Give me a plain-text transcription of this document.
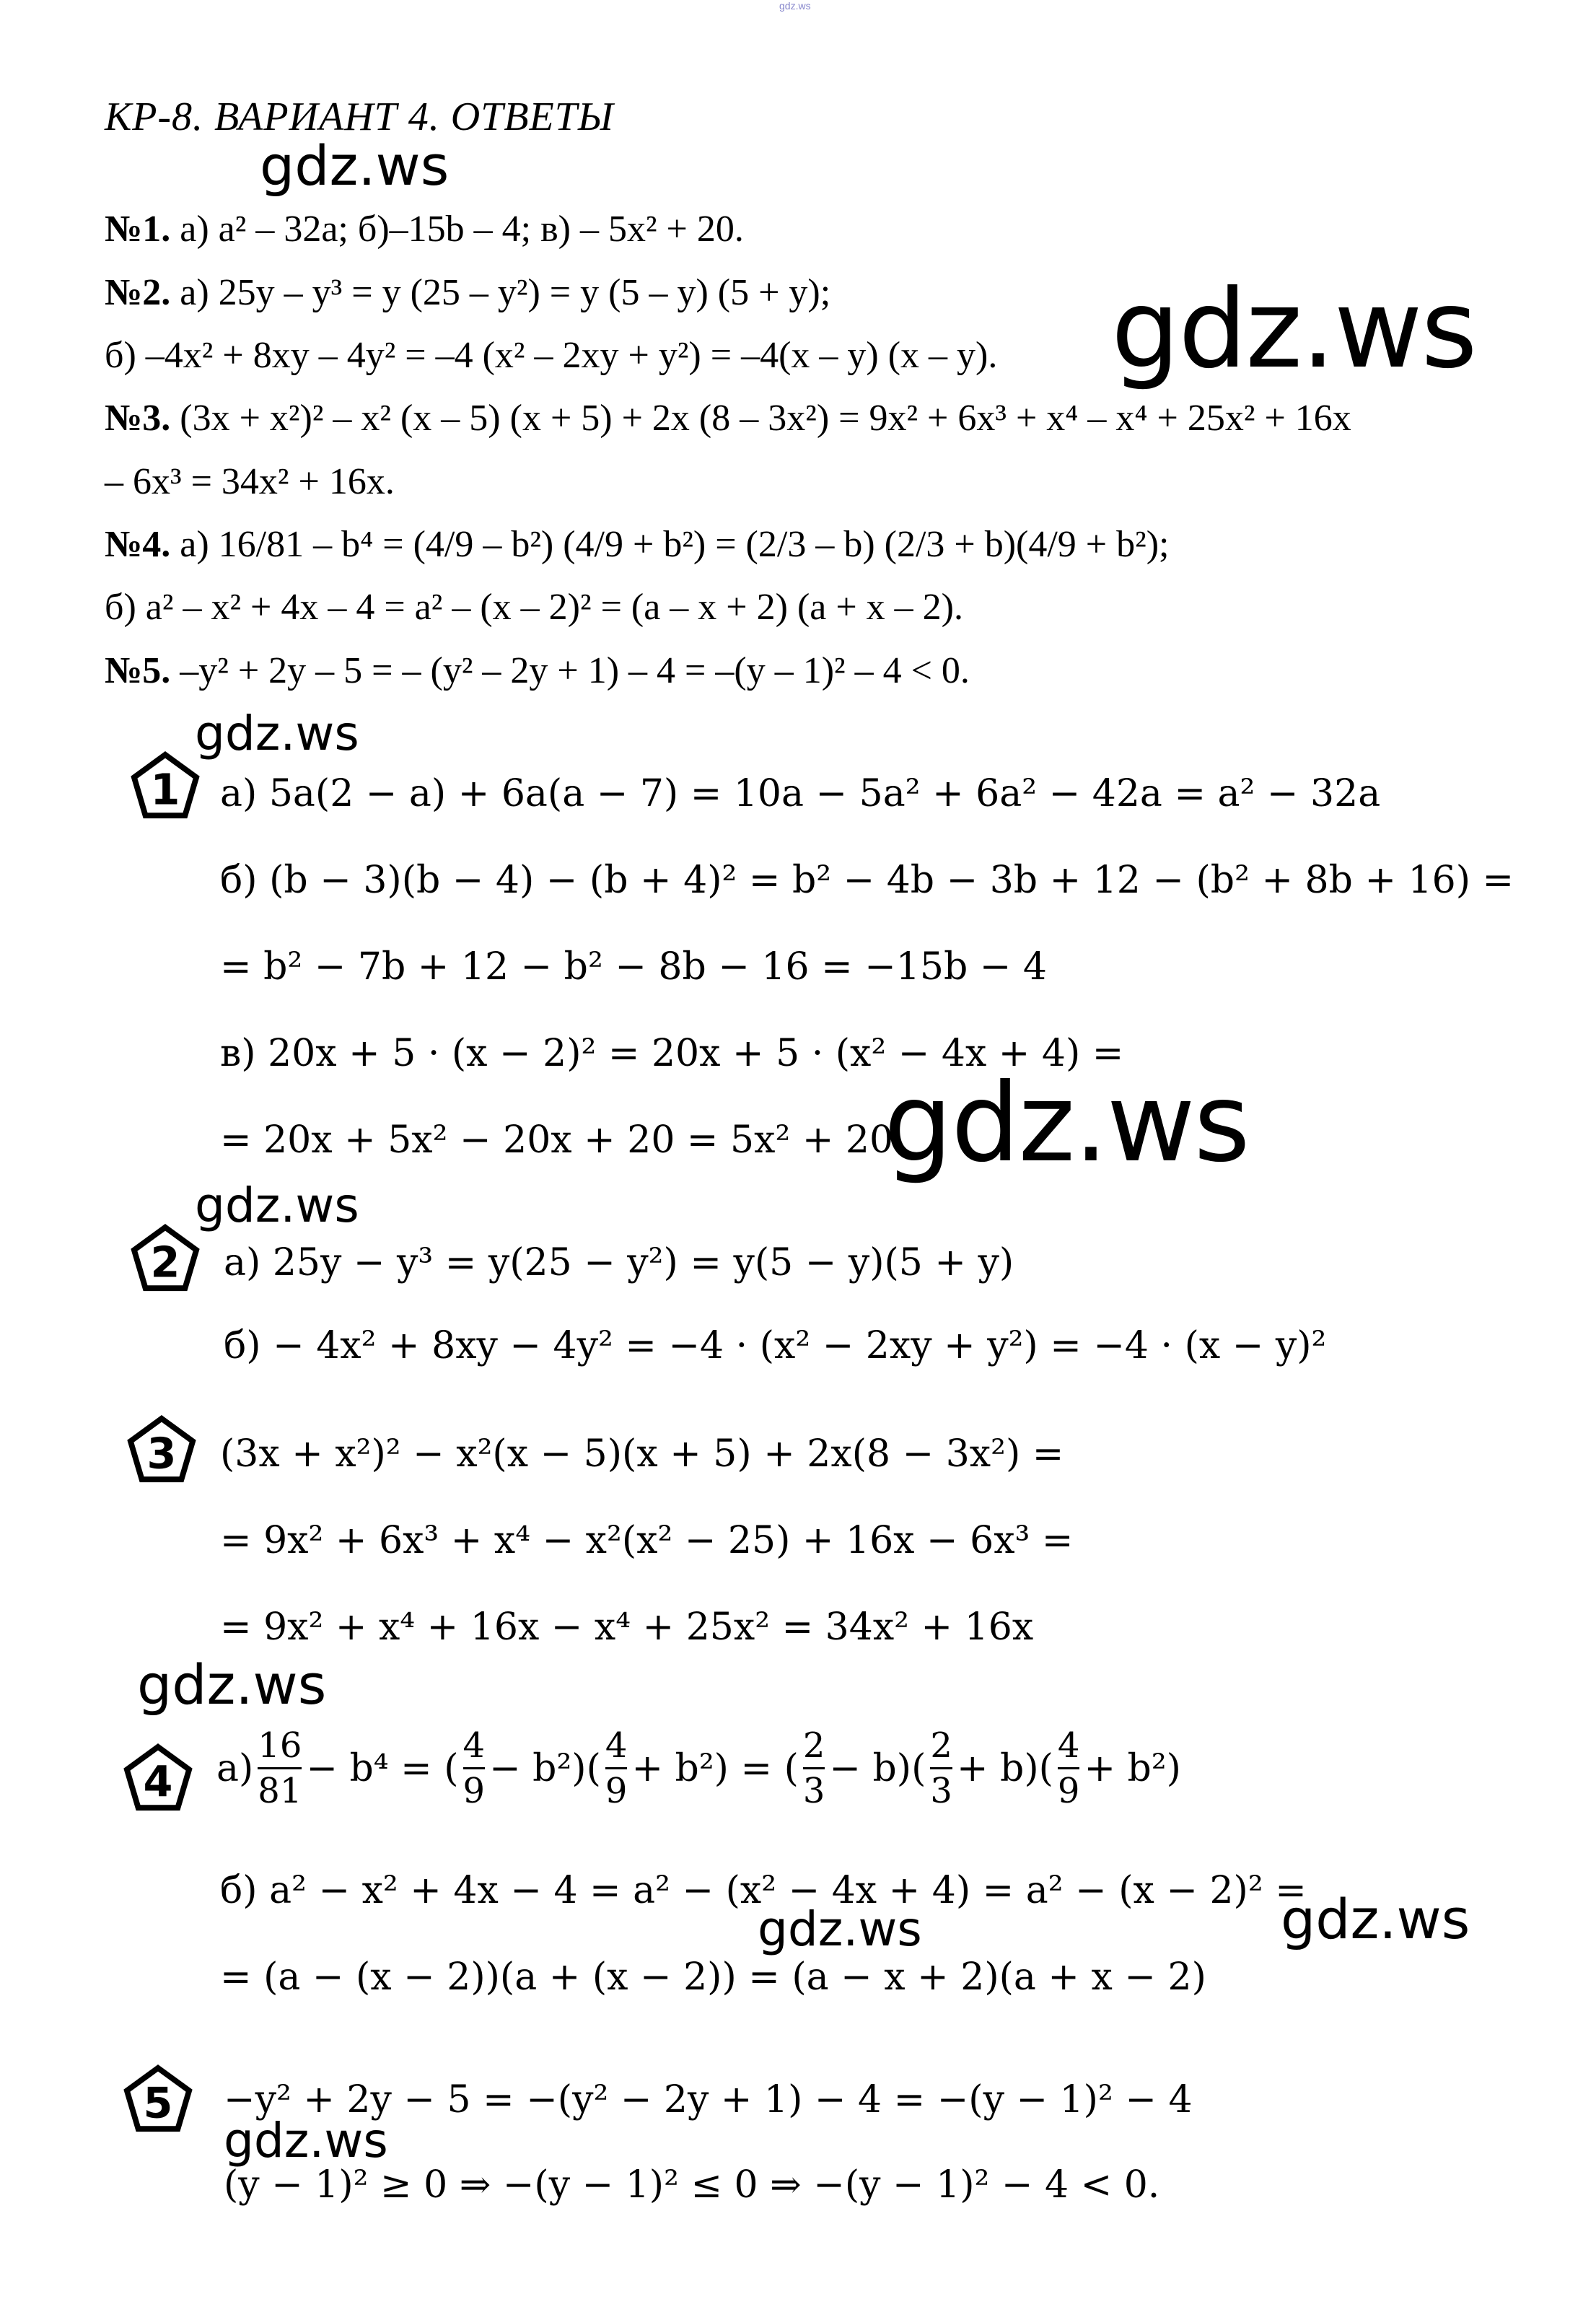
gdz.ws
КР-8. ВАРИАНТ 4. ОТВЕТЫ
gdz.ws
gdz.ws
gdz.ws
gdz.ws
gdz.ws
gdz.ws
gdz.ws	gdz.ws
gdz.ws
№1. а) a² – 32a; б)–15b – 4; в) – 5x² + 20.
№2. а) 25y – y³ = y (25 – y²) = y (5 – y) (5 + y);
б) –4x² + 8xy – 4y² = –4 (x² – 2xy + y²) = –4(x – y) (x – y).
№3. (3x + x²)² – x² (x – 5) (x + 5) + 2x (8 – 3x²) = 9x² + 6x³ + x⁴ – x⁴ + 25x² + 16x
– 6x³ = 34x² + 16x.
№4. а) 16/81 – b⁴ = (4/9 – b²) (4/9 + b²) = (2/3 – b) (2/3 + b)(4/9 + b²);
б) a² – x² + 4x – 4 = a² – (x – 2)² = (a – x + 2) (a + x – 2).
№5. –y² + 2y – 5 = – (y² – 2y + 1) – 4 = –(y – 1)² – 4 < 0.
1
2
3
4
5
а) 5a(2 − a) + 6a(a − 7) = 10a − 5a² + 6a² − 42a = a² − 32a
б) (b − 3)(b − 4) − (b + 4)² = b² − 4b − 3b + 12 − (b² + 8b + 16) =
= b² − 7b + 12 − b² − 8b − 16 = −15b − 4
в) 20x + 5 · (x − 2)² = 20x + 5 · (x² − 4x + 4) =
= 20x + 5x² − 20x + 20 = 5x² + 20
а) 25y − y³ = y(25 − y²) = y(5 − y)(5 + y)
б) − 4x² + 8xy − 4y² = −4 · (x² − 2xy + y²) = −4 · (x − y)²
(3x + x²)² − x²(x − 5)(x + 5) + 2x(8 − 3x²) =
= 9x² + 6x³ + x⁴ − x²(x² − 25) + 16x − 6x³ =
= 9x² + x⁴ + 16x − x⁴ + 25x² = 34x² + 16x
$а) \frac{16}{81} - b^4$ = ( $\frac{4}{9} - b^2)( \frac{4}{9} + b^2)$ = ( $\frac{2}{3} - b)( \frac{2}{3} + b)( \frac{4}{9} + b^2)$
б) a² − x² + 4x − 4 = a² − (x² − 4x + 4) = a² − (x − 2)² =
= (a − (x − 2))(a + (x − 2)) = (a − x + 2)(a + x − 2)
−y² + 2y − 5 = −(y² − 2y + 1) − 4 = −(y − 1)² − 4
(y − 1)² ≥ 0 ⇒ −(y − 1)² ≤ 0 ⇒ −(y − 1)² − 4 < 0.
